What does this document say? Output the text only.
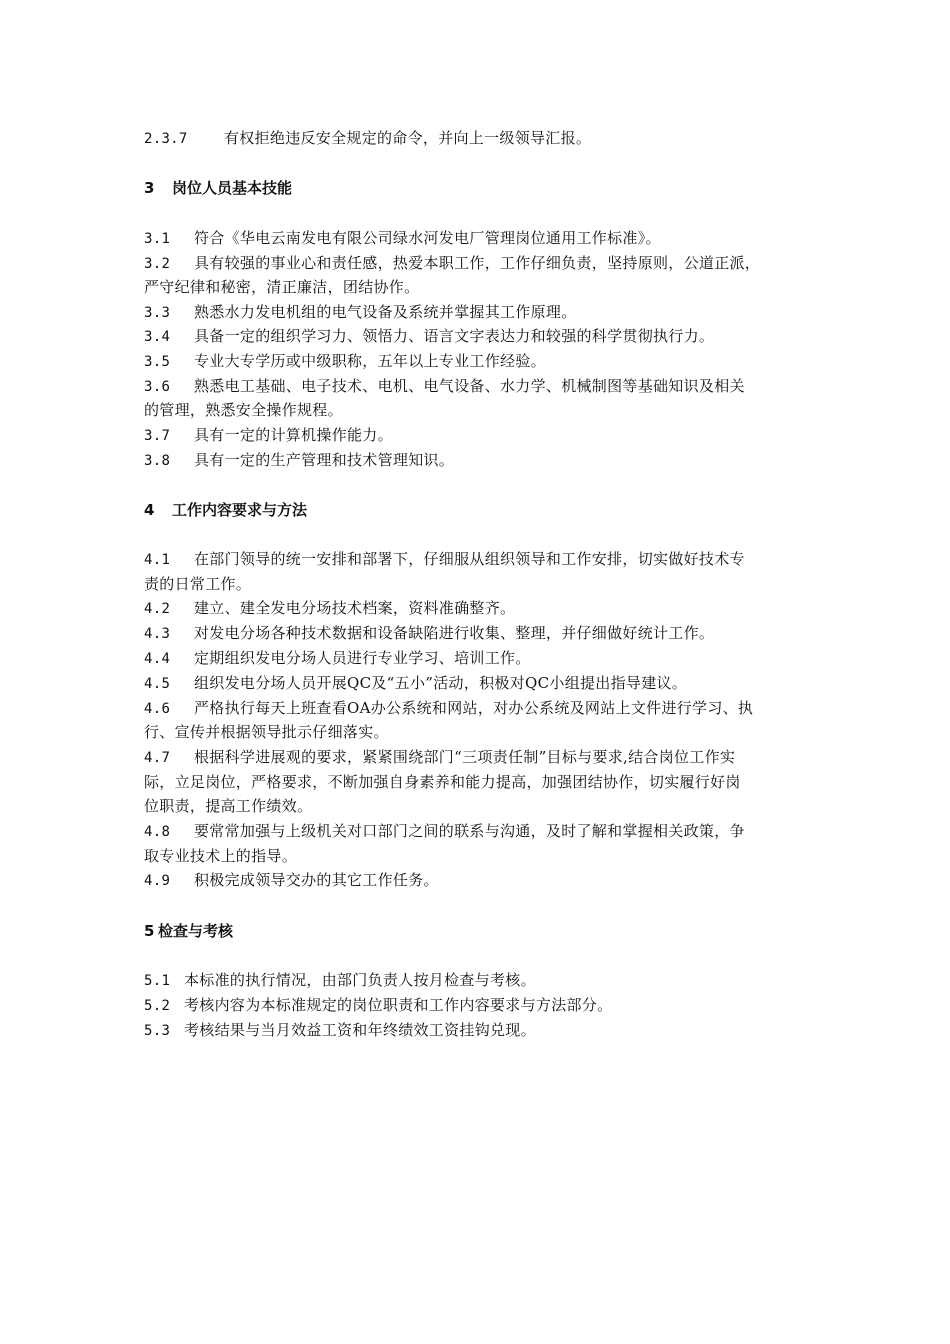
2.3.7 有权拒绝违反安全规定的命令，并向上一级领导汇报。
3 岗位人员基本技能
3.1 符合《华电云南发电有限公司绿水河发电厂管理岗位通用工作标准》。
3.2 具有较强的事业心和责任感，热爱本职工作，工作仔细负责，坚持原则，公道正派，
严守纪律和秘密，清正廉洁，团结协作。
3.3 熟悉水力发电机组的电气设备及系统并掌握其工作原理。
3.4 具备一定的组织学习力、领悟力、语言文字表达力和较强的科学贯彻执行力。
3.5 专业大专学历或中级职称，五年以上专业工作经验。
3.6 熟悉电工基础、电子技术、电机、电气设备、水力学、机械制图等基础知识及相关
的管理，熟悉安全操作规程。
3.7 具有一定的计算机操作能力。
3.8 具有一定的生产管理和技术管理知识。
4 工作内容要求与方法
4.1 在部门领导的统一安排和部署下，仔细服从组织领导和工作安排，切实做好技术专
责的日常工作。
4.2 建立、建全发电分场技术档案，资料准确整齐。
4.3 对发电分场各种技术数据和设备缺陷进行收集、整理，并仔细做好统计工作。
4.4 定期组织发电分场人员进行专业学习、培训工作。
4.5 组织发电分场人员开展QC及“五小”活动，积极对QC小组提出指导建议。
4.6 严格执行每天上班查看OA办公系统和网站，对办公系统及网站上文件进行学习、执
行、宣传并根据领导批示仔细落实。
4.7 根据科学进展观的要求，紧紧围绕部门“三项责任制”目标与要求,结合岗位工作实
际，立足岗位，严格要求，不断加强自身素养和能力提高，加强团结协作，切实履行好岗
位职责，提高工作绩效。
4.8 要常常加强与上级机关对口部门之间的联系与沟通，及时了解和掌握相关政策，争
取专业技术上的指导。
4.9 积极完成领导交办的其它工作任务。
5 检查与考核
5.1 本标准的执行情况，由部门负责人按月检查与考核。
5.2 考核内容为本标准规定的岗位职责和工作内容要求与方法部分。
5.3 考核结果与当月效益工资和年终绩效工资挂钩兑现。
